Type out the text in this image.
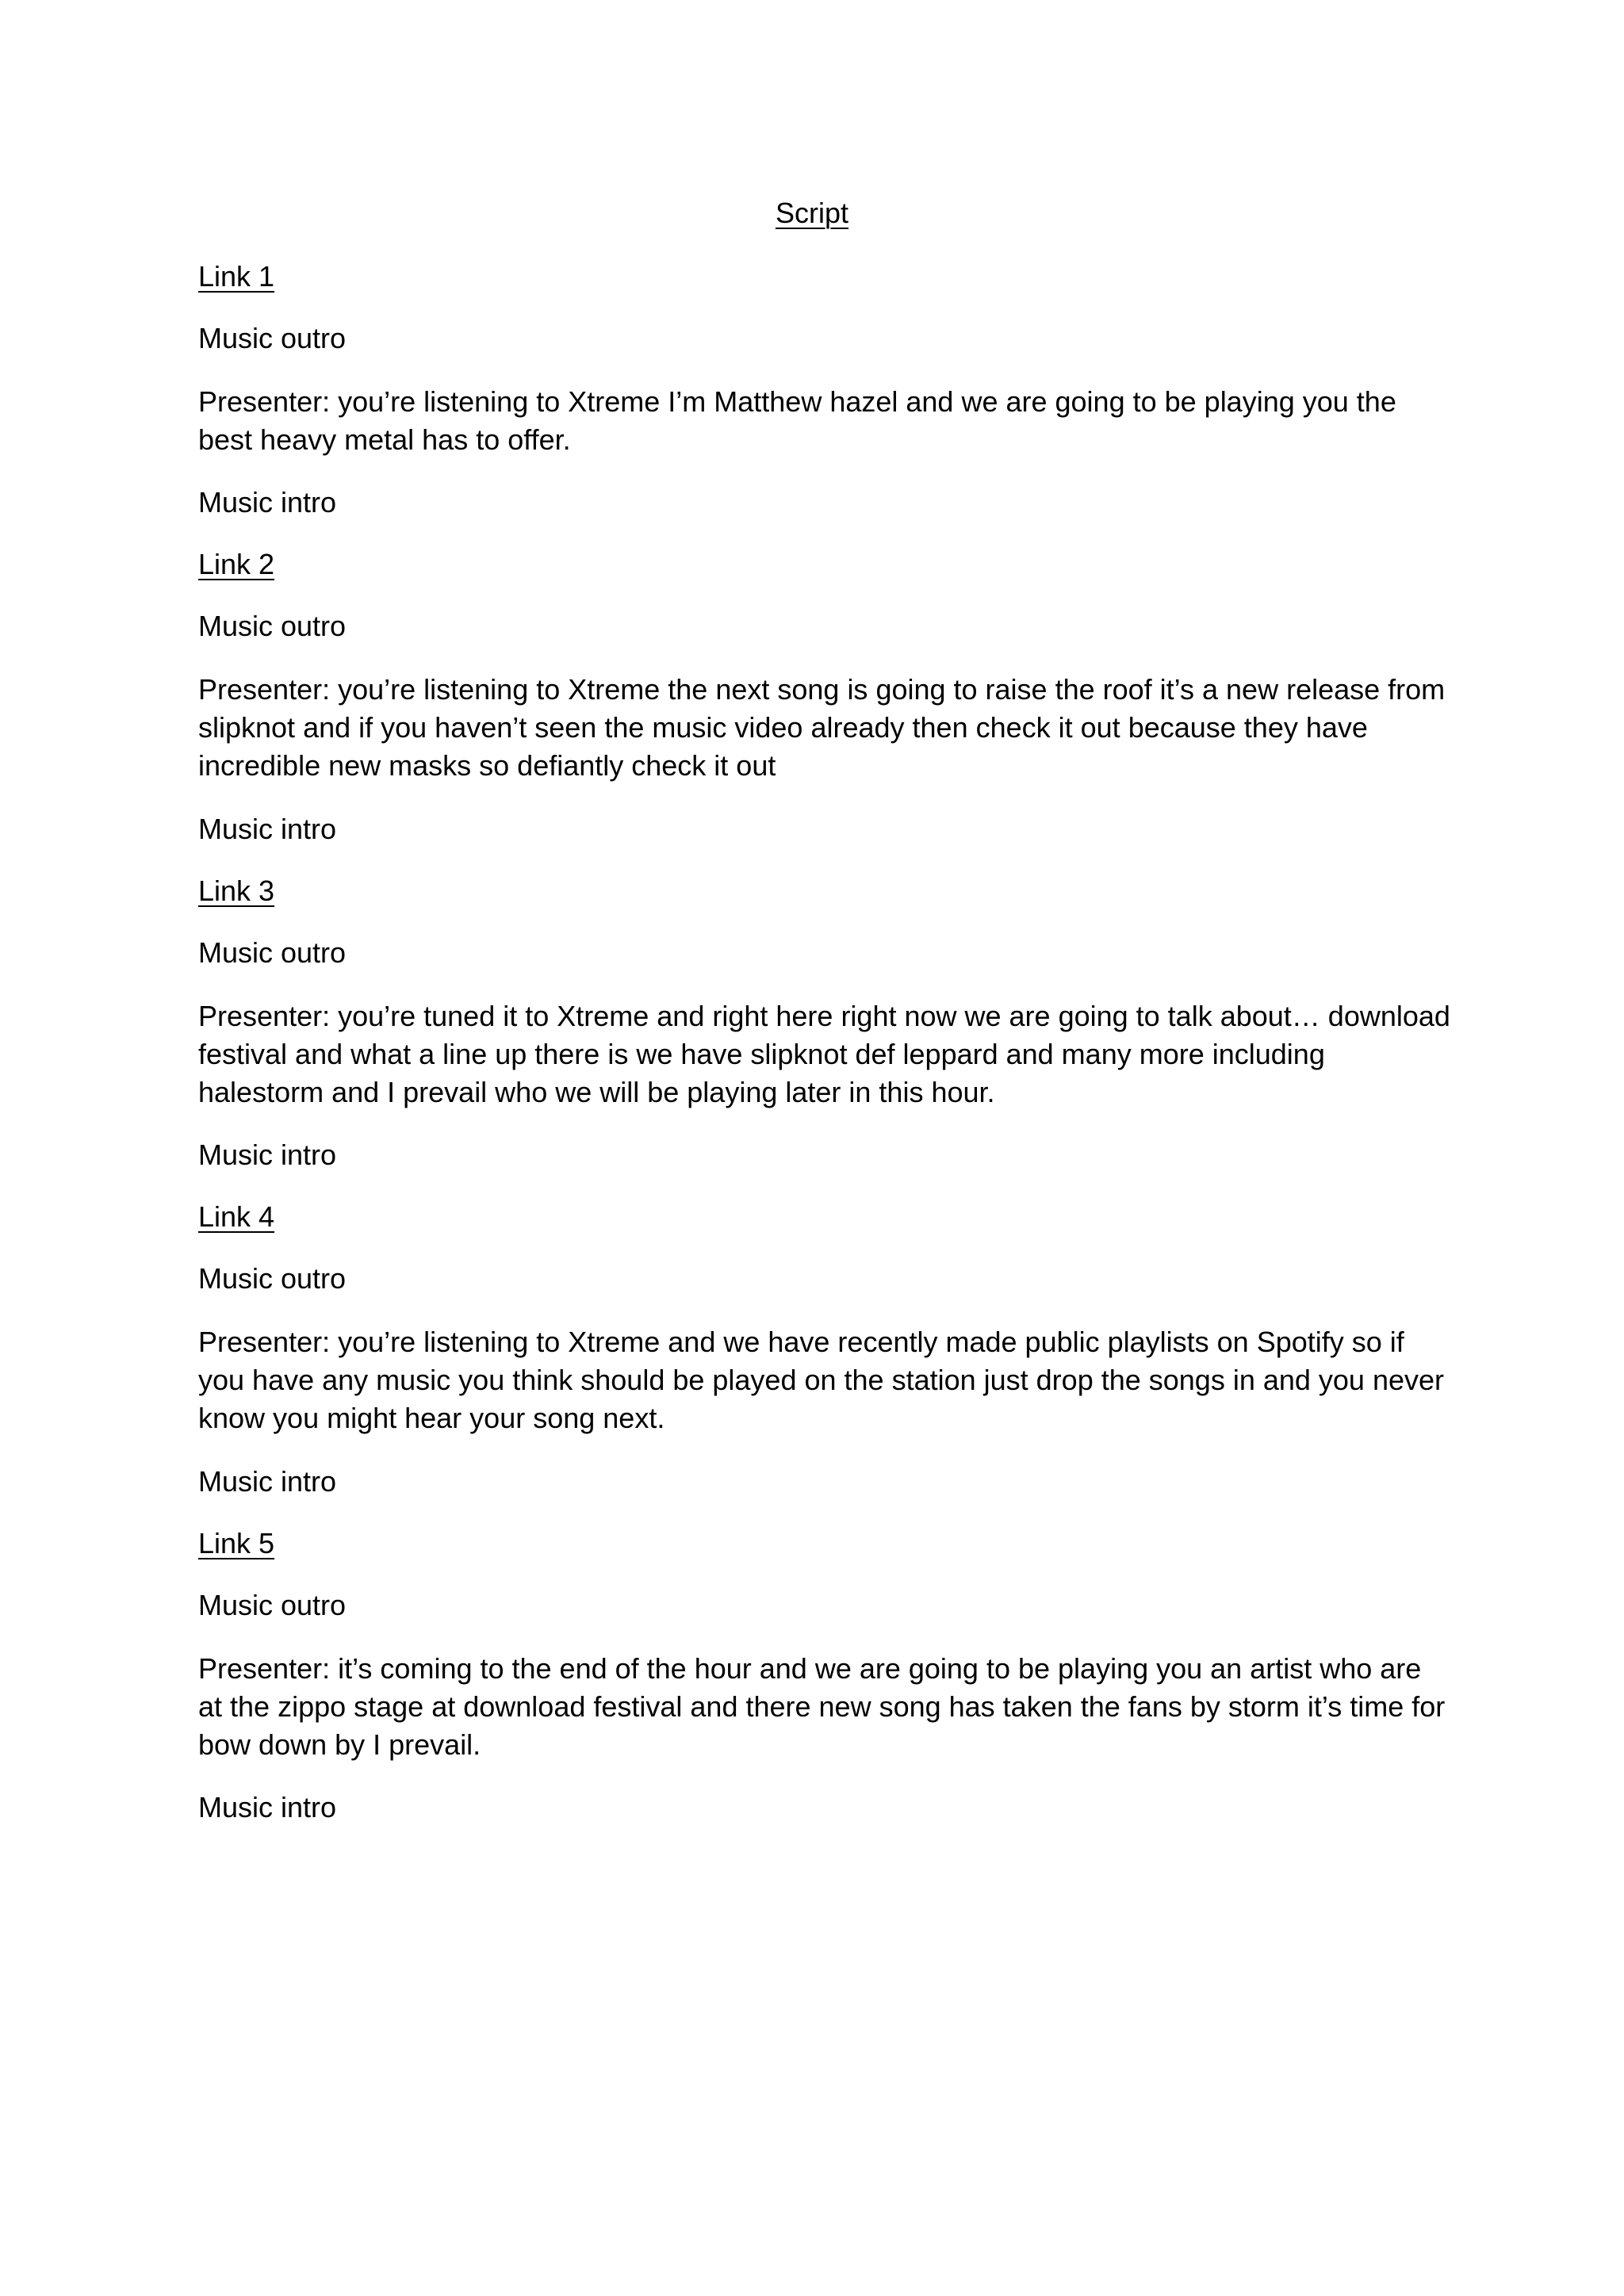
Script

Link 1

Music outro

Presenter: you’re listening to Xtreme I’m Matthew hazel and we are going to be playing you the best heavy metal has to offer.

Music intro

Link 2

Music outro

Presenter: you’re listening to Xtreme the next song is going to raise the roof it’s a new release from slipknot and if you haven’t seen the music video already then check it out because they have incredible new masks so defiantly check it out

Music intro

Link 3

Music outro

Presenter: you’re tuned it to Xtreme and right here right now we are going to talk about… download festival and what a line up there is we have slipknot def leppard and many more including halestorm and I prevail who we will be playing later in this hour.

Music intro

Link 4

Music outro

Presenter: you’re listening to Xtreme and we have recently made public playlists on Spotify so if you have any music you think should be played on the station just drop the songs in and you never know you might hear your song next.

Music intro

Link 5

Music outro

Presenter: it’s coming to the end of the hour and we are going to be playing you an artist who are at the zippo stage at download festival and there new song has taken the fans by storm it’s time for bow down by I prevail.

Music intro
